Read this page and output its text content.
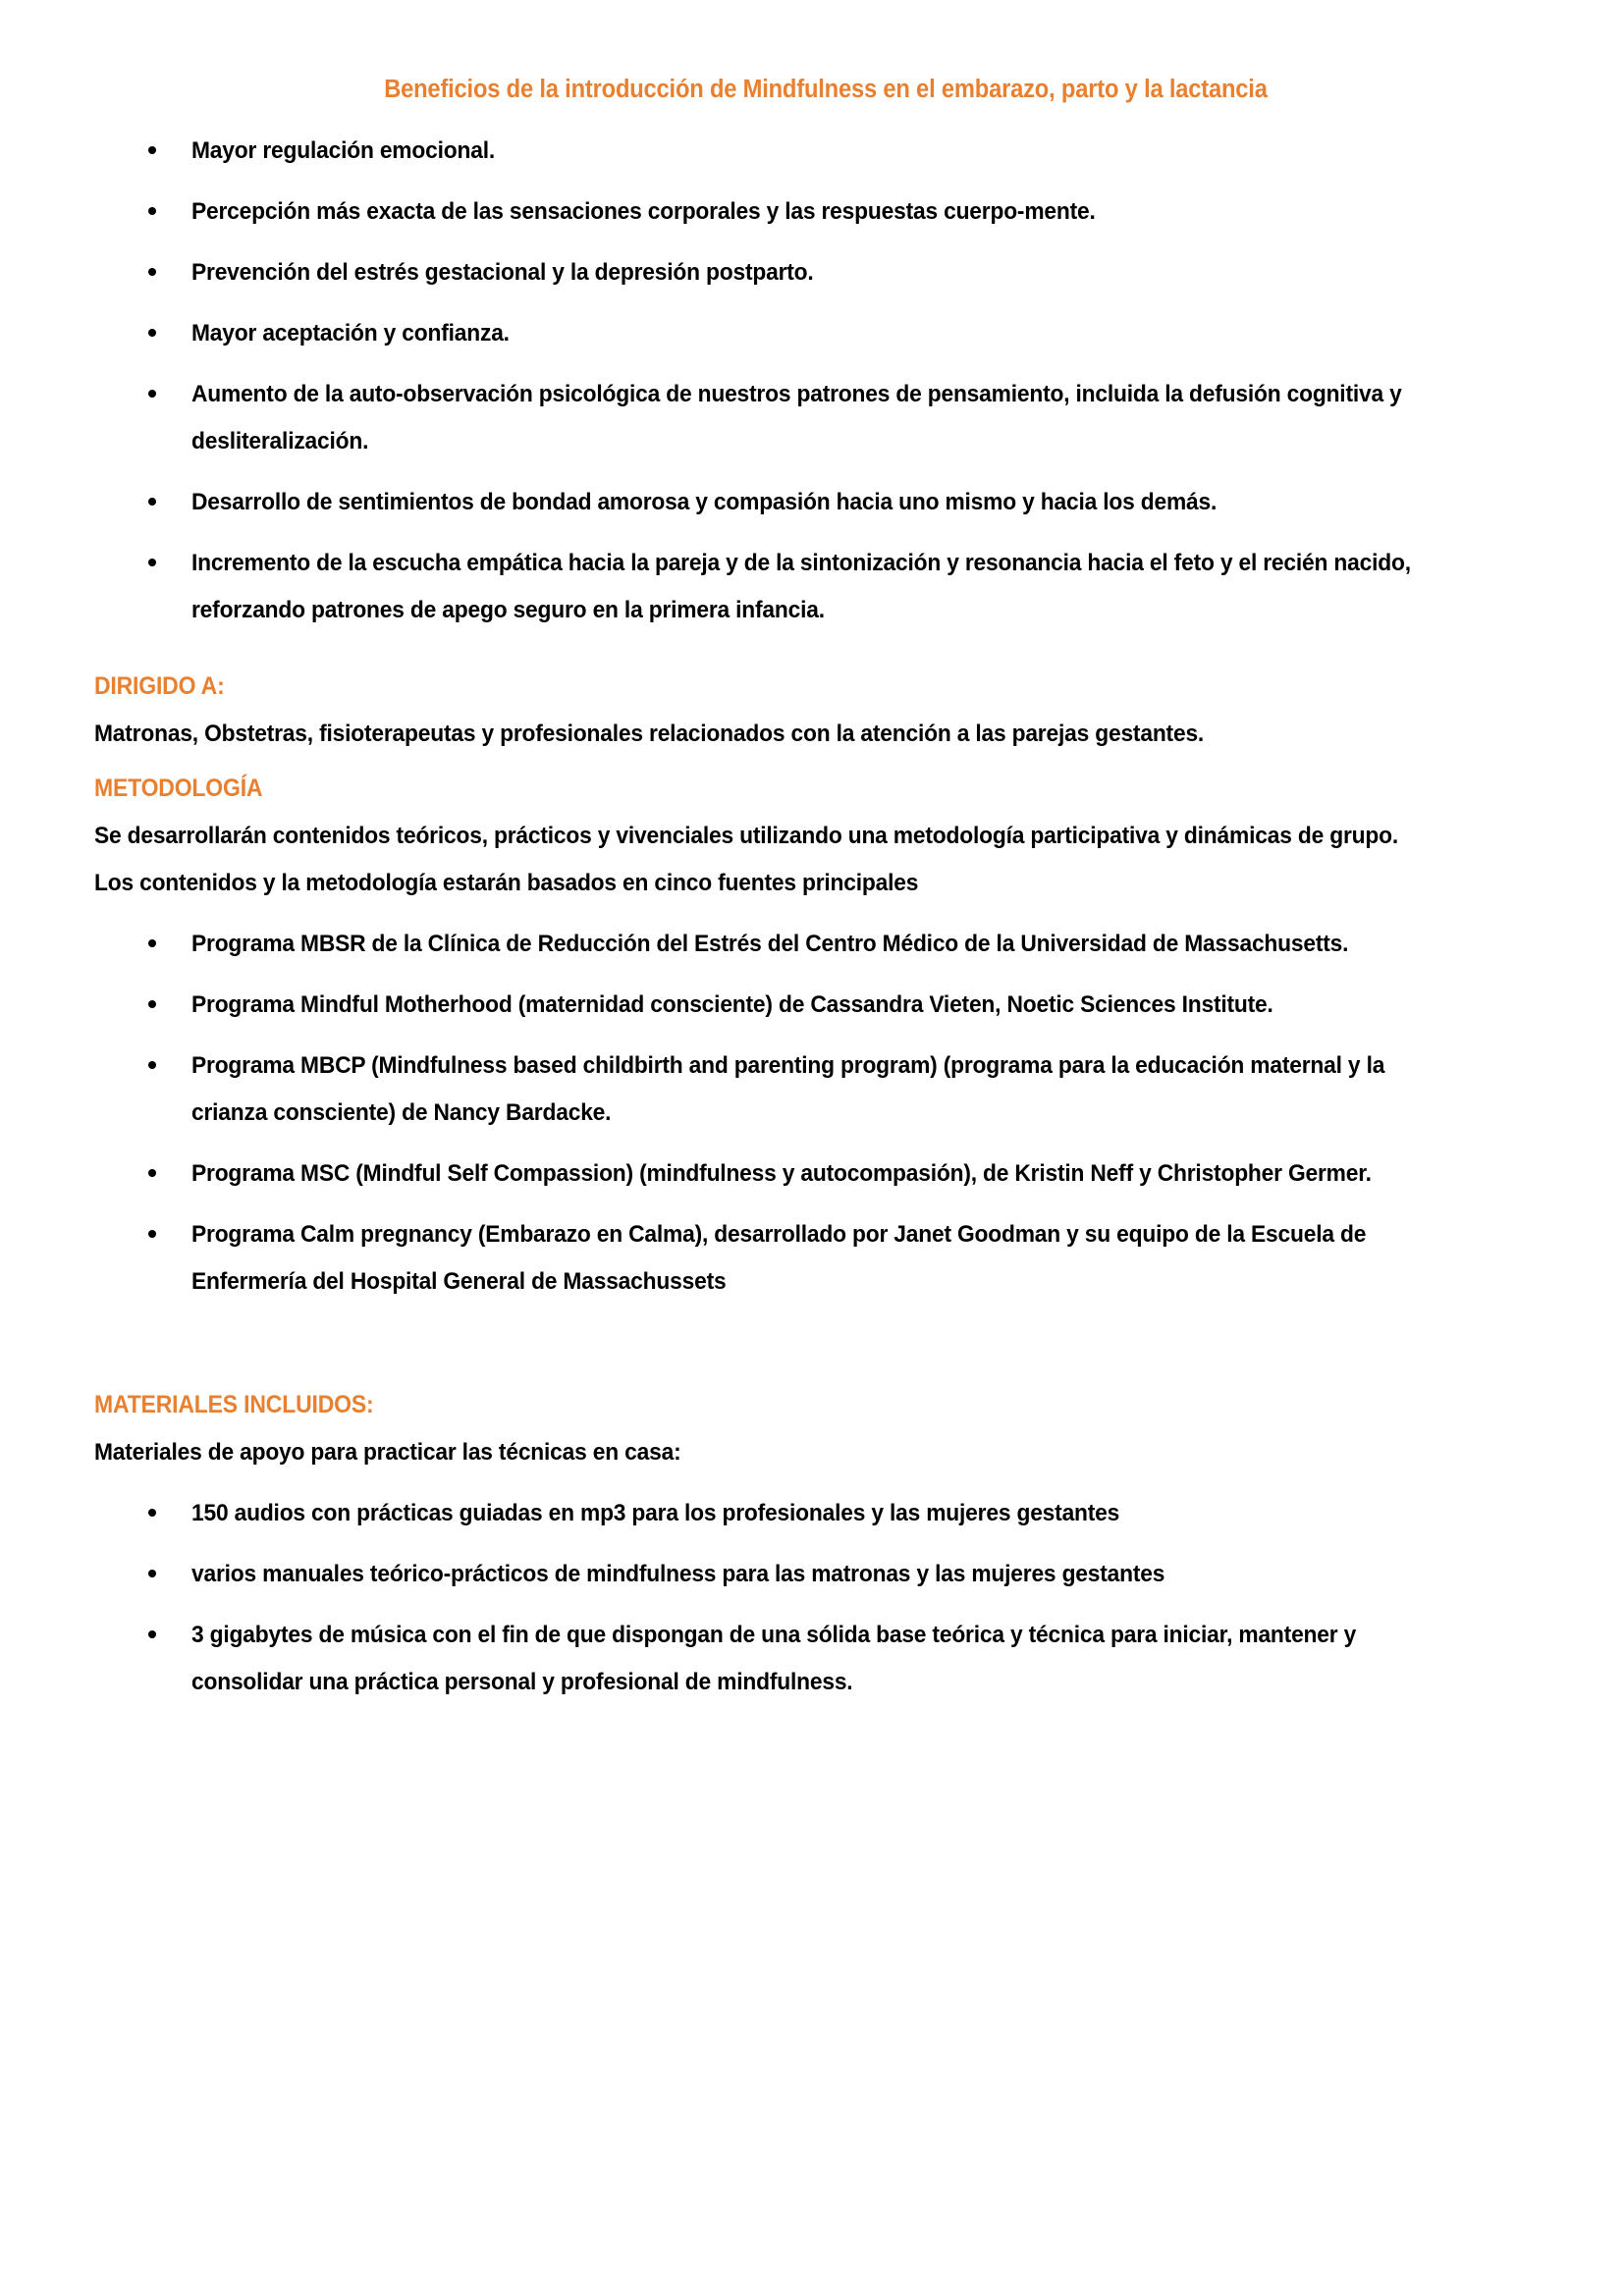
Beneficios de la introducción de Mindfulness en el embarazo, parto y la lactancia
Mayor regulación emocional.
Percepción más exacta de las sensaciones corporales y las respuestas cuerpo-mente.
Prevención del estrés gestacional y la depresión postparto.
Mayor aceptación y confianza.
Aumento de la auto-observación psicológica de nuestros patrones de pensamiento, incluida la defusión cognitiva y desliteralización.
Desarrollo de sentimientos de bondad amorosa y compasión hacia uno mismo y hacia los demás.
Incremento de la escucha empática hacia la pareja y de la sintonización y resonancia hacia el feto y el recién nacido, reforzando patrones de apego seguro en la primera infancia.
DIRIGIDO A:

Matronas, Obstetras, fisioterapeutas y profesionales relacionados con la atención a las parejas gestantes.

METODOLOGÍA

Se desarrollarán contenidos teóricos, prácticos y vivenciales utilizando una metodología participativa y dinámicas de grupo. Los contenidos y la metodología estarán basados en cinco fuentes principales

Programa MBSR de la Clínica de Reducción del Estrés del Centro Médico de la Universidad de Massachusetts.
Programa Mindful Motherhood (maternidad consciente) de Cassandra Vieten, Noetic Sciences Institute.
Programa MBCP (Mindfulness based childbirth and parenting program) (programa para la educación maternal y la crianza consciente) de Nancy Bardacke.
Programa MSC (Mindful Self Compassion) (mindfulness y autocompasión), de Kristin Neff y Christopher Germer.
Programa Calm pregnancy (Embarazo en Calma), desarrollado por Janet Goodman y su equipo de la Escuela de Enfermería del Hospital General de Massachussets
MATERIALES INCLUIDOS:

Materiales de apoyo para practicar las técnicas en casa:

150 audios con prácticas guiadas en mp3 para los profesionales y las mujeres gestantes
varios manuales teórico-prácticos de mindfulness para las matronas y las mujeres gestantes
3 gigabytes de música con el fin de que dispongan de una sólida base teórica y técnica para iniciar, mantener y consolidar una práctica personal y profesional de mindfulness.
